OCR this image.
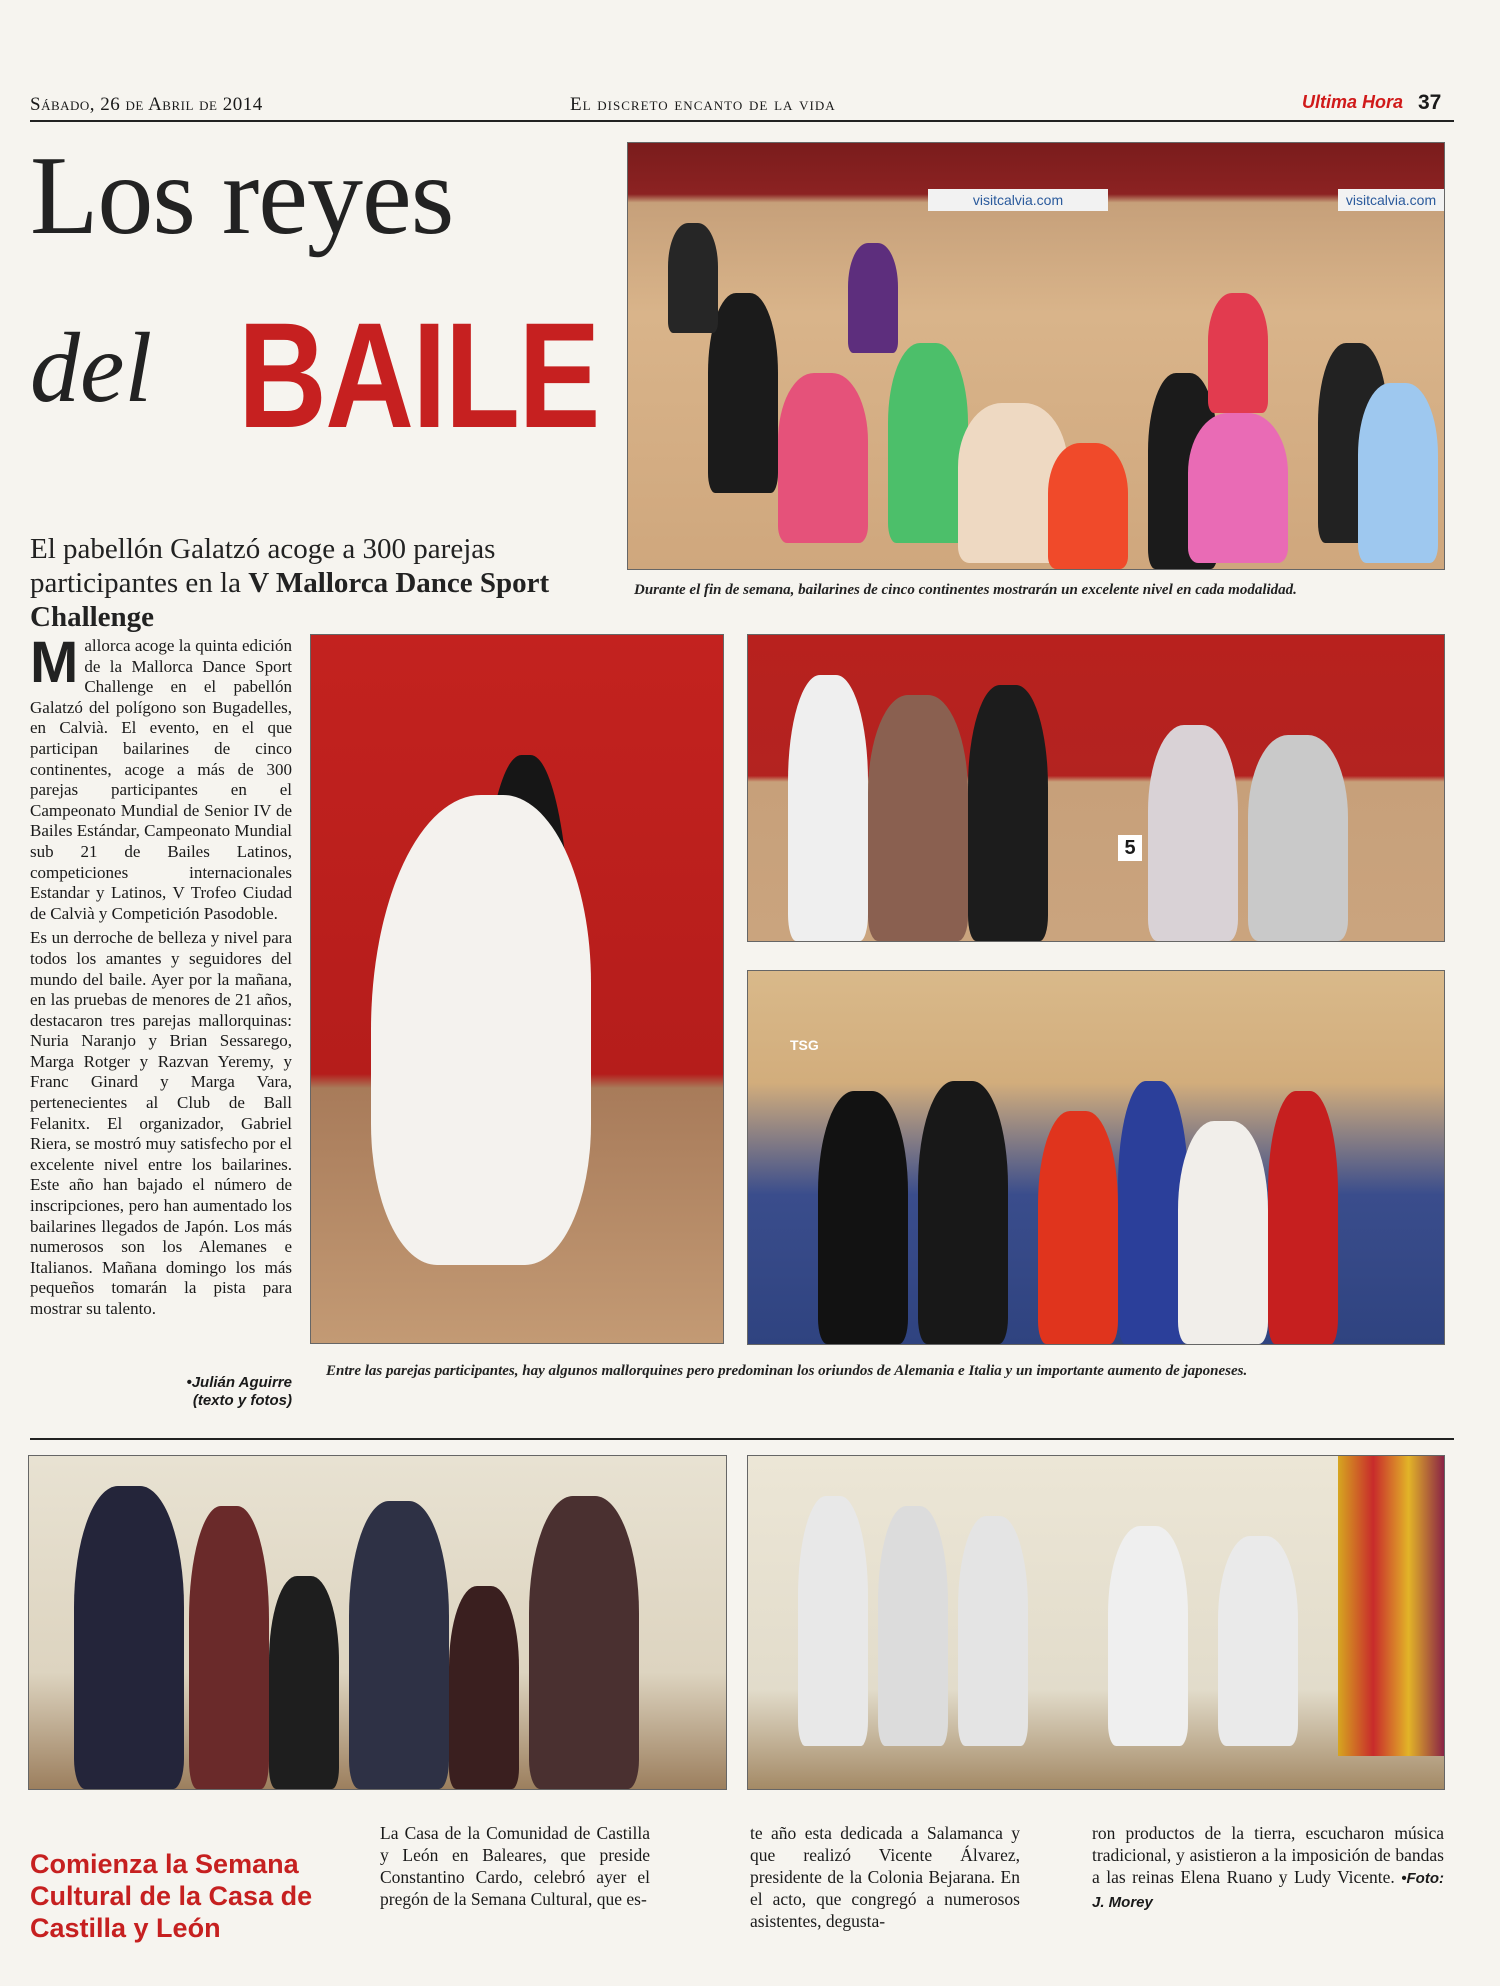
Sábado, 26 de Abril de 2014	El discreto encanto de la vida	Ultima Hora 37
Los reyes
del BAILE
El pabellón Galatzó acoge a 300 parejas participantes en la V Mallorca Dance Sport Challenge
visitcalvia.com	visitcalvia.com
Durante el fin de semana, bailarines de cinco continentes mostrarán un excelente nivel en cada modalidad.

Mallorca acoge la quinta edición de la Mallorca Dance Sport Challenge en el pabellón Galatzó del polígono son Bugadelles, en Calvià. El evento, en el que participan bailarines de cinco continentes, acoge a más de 300 parejas participantes en el Campeonato Mundial de Senior IV de Bailes Estándar, Campeonato Mundial sub 21 de Bailes Latinos, competiciones internacionales Estandar y Latinos, V Trofeo Ciudad de Calvià y Competición Pasodoble.

Es un derroche de belleza y nivel para todos los amantes y seguidores del mundo del baile. Ayer por la mañana, en las pruebas de menores de 21 años, destacaron tres parejas mallorquinas: Nuria Naranjo y Brian Sessarego, Marga Rotger y Razvan Yeremy, y Franc Ginard y Marga Vara, pertenecientes al Club de Ball Felanitx. El organizador, Gabriel Riera, se mostró muy satisfecho por el excelente nivel entre los bailarines. Este año han bajado el número de inscripciones, pero han aumentado los bailarines llegados de Japón. Los más numerosos son los Alemanes e Italianos. Mañana domingo los más pequeños tomarán la pista para mostrar su talento.

•Julián Aguirre
(texto y fotos)
5
TSG
Entre las parejas participantes, hay algunos mallorquines pero predominan los oriundos de Alemania e Italia y un importante aumento de japoneses.
Comienza la Semana Cultural de la Casa de Castilla y León
La Casa de la Comunidad de Castilla y León en Baleares, que preside Constantino Cardo, celebró ayer el pregón de la Semana Cultural, que es-
te año esta dedicada a Salamanca y que realizó Vicente Álvarez, presidente de la Colonia Bejarana. En el acto, que congregó a numerosos asistentes, degusta-
ron productos de la tierra, escucharon música tradicional, y asistieron a la imposición de bandas a las reinas Elena Ruano y Ludy Vicente. •Foto: J. Morey
